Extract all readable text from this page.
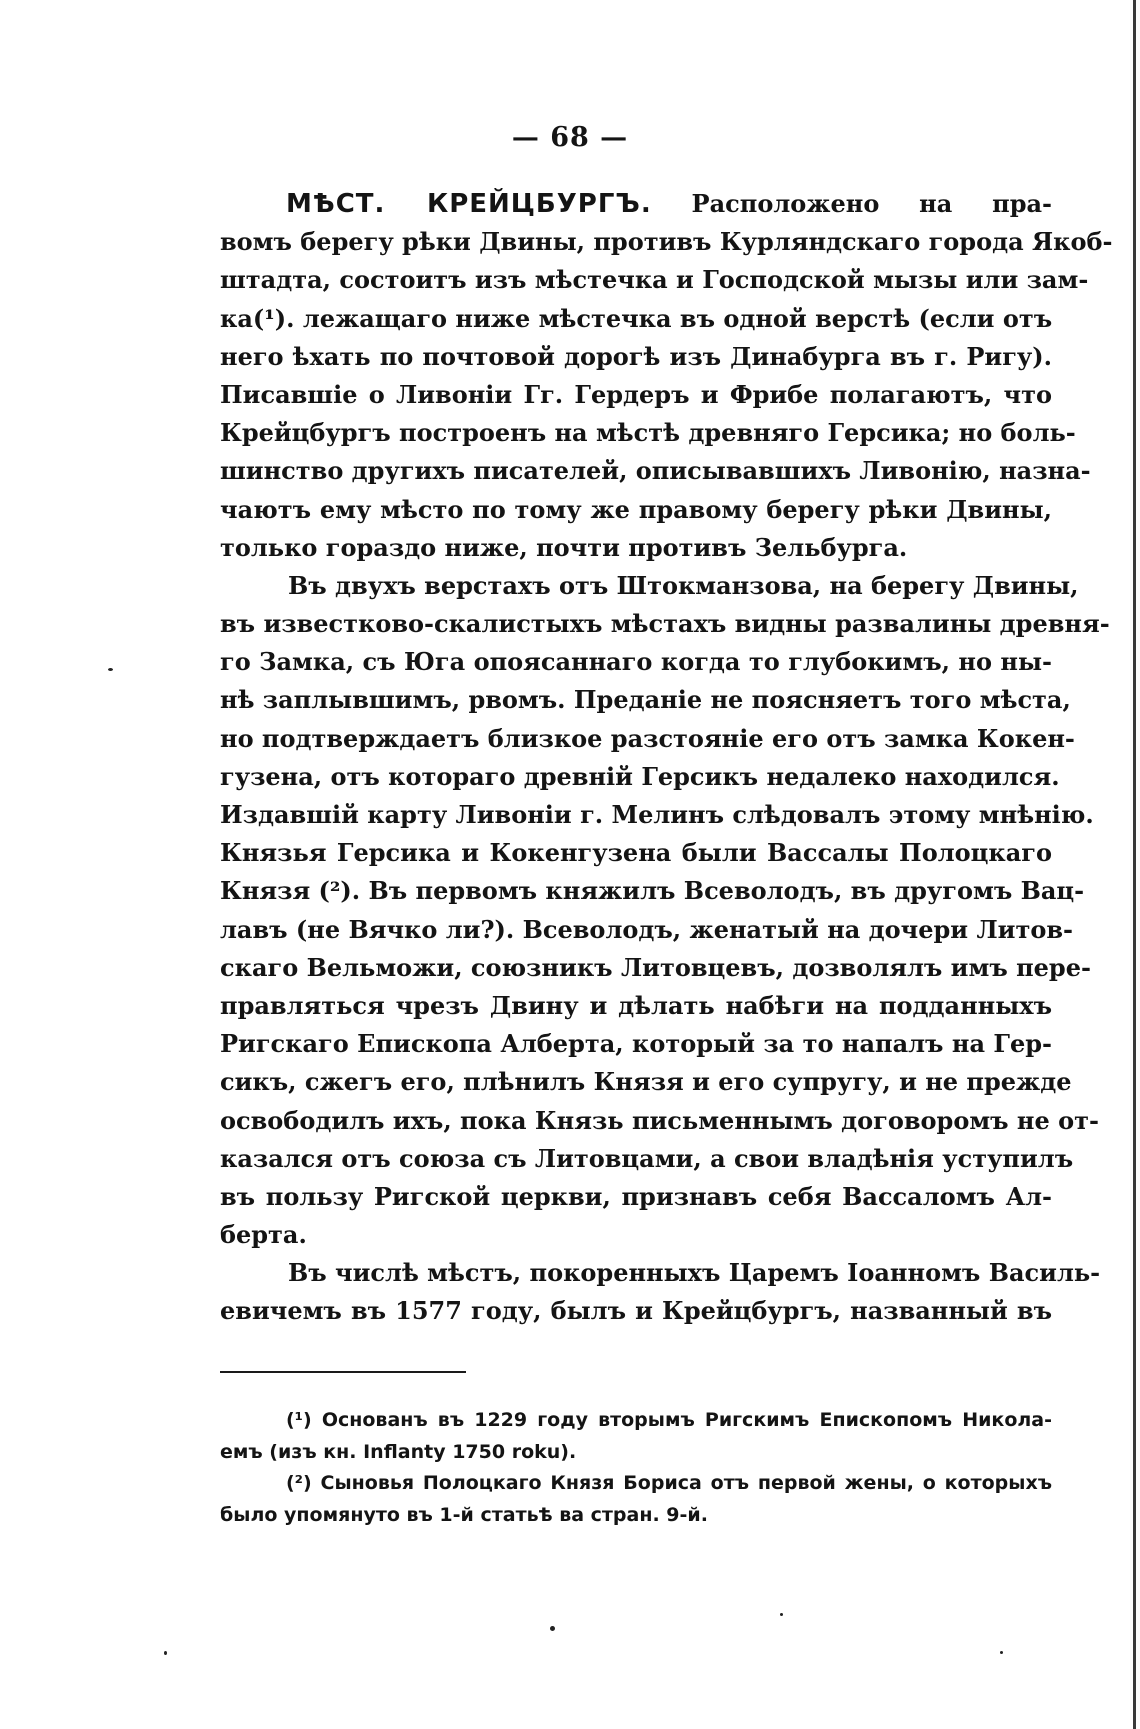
— 68 —
МѢСТ. КРЕЙЦБУРГЪ. Расположено на пра-
вомъ берегу рѣки Двины, противъ Курляндскаго города Якоб-
штадта, состоитъ изъ мѣстечка и Господской мызы или зам-
ка(¹). лежащаго ниже мѣстечка въ одной верстѣ (если отъ
него ѣхать по почтовой дорогѣ изъ Динабурга въ г. Ригу).
Писавшіе о Ливоніи Гг. Гердеръ и Фрибе полагаютъ, что
Крейцбургъ построенъ на мѣстѣ древняго Герсика; но боль-
шинство другихъ писателей, описывавшихъ Ливонію, назна-
чаютъ ему мѣсто по тому же правому берегу рѣки Двины,
только гораздо ниже, почти противъ Зельбурга.
Въ двухъ верстахъ отъ Штокманзова, на берегу Двины,
въ известково-скалистыхъ мѣстахъ видны развалины древня-
го Замка, съ Юга опоясаннаго когда то глубокимъ, но ны-
нѣ заплывшимъ, рвомъ. Преданіе не поясняетъ того мѣста,
но подтверждаетъ близкое разстояніе его отъ замка Кокен-
гузена, отъ котораго древній Герсикъ недалеко находился.
Издавшій карту Ливоніи г. Мелинъ слѣдовалъ этому мнѣнію.
Князья Герсика и Кокенгузена были Вассалы Полоцкаго
Князя (²). Въ первомъ княжилъ Всеволодъ, въ другомъ Вац-
лавъ (не Вячко ли?). Всеволодъ, женатый на дочери Литов-
скаго Вельможи, союзникъ Литовцевъ, дозволялъ имъ пере-
правляться чрезъ Двину и дѣлать набѣги на подданныхъ
Ригскаго Епископа Алберта, который за то напалъ на Гер-
сикъ, сжегъ его, плѣнилъ Князя и его супругу, и не прежде
освободилъ ихъ, пока Князь письменнымъ договоромъ не от-
казался отъ союза съ Литовцами, а свои владѣнія уступилъ
въ пользу Ригской церкви, признавъ себя Вассаломъ Ал-
берта.
Въ числѣ мѣстъ, покоренныхъ Царемъ Іоанномъ Василь-
евичемъ въ 1577 году, былъ и Крейцбургъ, названный въ
(¹) Основанъ въ 1229 году вторымъ Ригскимъ Епископомъ Никола-
емъ (изъ кн. Inflanty 1750 roku).
(²) Сыновья Полоцкаго Князя Бориса отъ первой жены, о которыхъ
было упомянуто въ 1-й статьѣ ва стран. 9-й.
